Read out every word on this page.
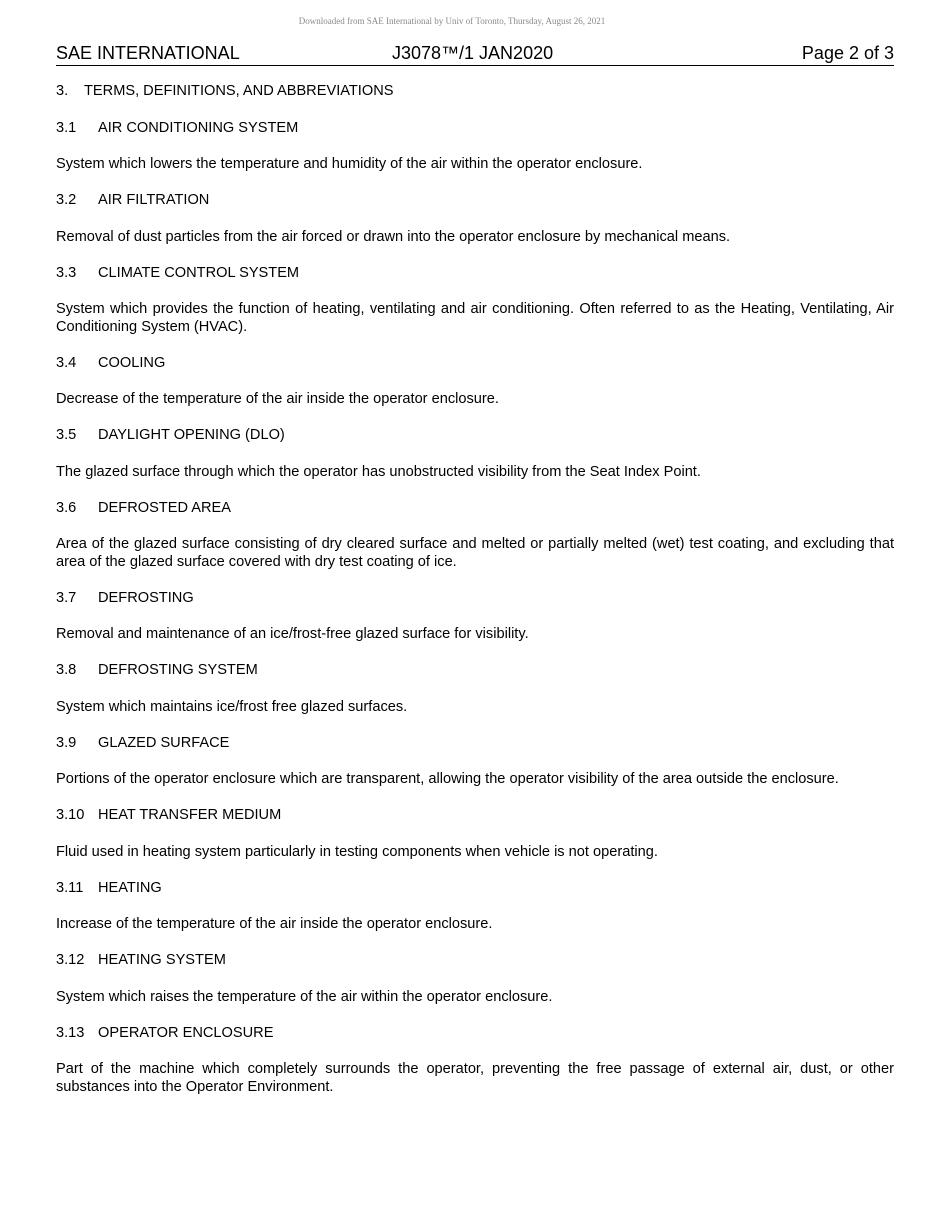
Downloaded from SAE International by Univ of Toronto, Thursday, August 26, 2021
SAE INTERNATIONAL	J3078™/1 JAN2020	Page 2 of 3
3. TERMS, DEFINITIONS, AND ABBREVIATIONS

3.1 AIR CONDITIONING SYSTEM

System which lowers the temperature and humidity of the air within the operator enclosure.

3.2 AIR FILTRATION

Removal of dust particles from the air forced or drawn into the operator enclosure by mechanical means.

3.3 CLIMATE CONTROL SYSTEM

System which provides the function of heating, ventilating and air conditioning. Often referred to as the Heating, Ventilating, Air Conditioning System (HVAC).

3.4 COOLING

Decrease of the temperature of the air inside the operator enclosure.

3.5 DAYLIGHT OPENING (DLO)

The glazed surface through which the operator has unobstructed visibility from the Seat Index Point.

3.6 DEFROSTED AREA

Area of the glazed surface consisting of dry cleared surface and melted or partially melted (wet) test coating, and excluding that area of the glazed surface covered with dry test coating of ice.

3.7 DEFROSTING

Removal and maintenance of an ice/frost-free glazed surface for visibility.

3.8 DEFROSTING SYSTEM

System which maintains ice/frost free glazed surfaces.

3.9 GLAZED SURFACE

Portions of the operator enclosure which are transparent, allowing the operator visibility of the area outside the enclosure.

3.10 HEAT TRANSFER MEDIUM

Fluid used in heating system particularly in testing components when vehicle is not operating.

3.11 HEATING

Increase of the temperature of the air inside the operator enclosure.

3.12 HEATING SYSTEM

System which raises the temperature of the air within the operator enclosure.

3.13 OPERATOR ENCLOSURE

Part of the machine which completely surrounds the operator, preventing the free passage of external air, dust, or other substances into the Operator Environment.
